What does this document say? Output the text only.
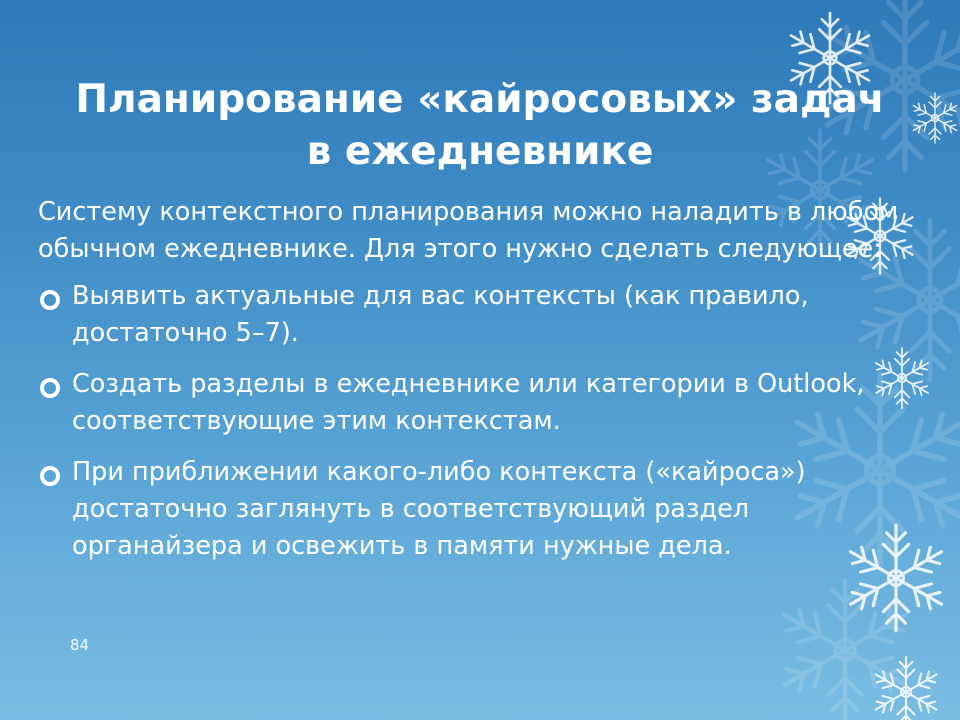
Планирование «кайросовых» задач
в ежедневнике

Систему контекстного планирования можно наладить в любом обычном ежедневнике. Для этого нужно сделать следующее:

Выявить актуальные для вас контексты (как правило, достаточно 5–7).

Создать разделы в ежедневнике или категории в Outlook, соответствующие этим контекстам.

При приближении какого-либо контекста («кайроса») достаточно заглянуть в соответствующий раздел органайзера и освежить в памяти нужные дела.

84
